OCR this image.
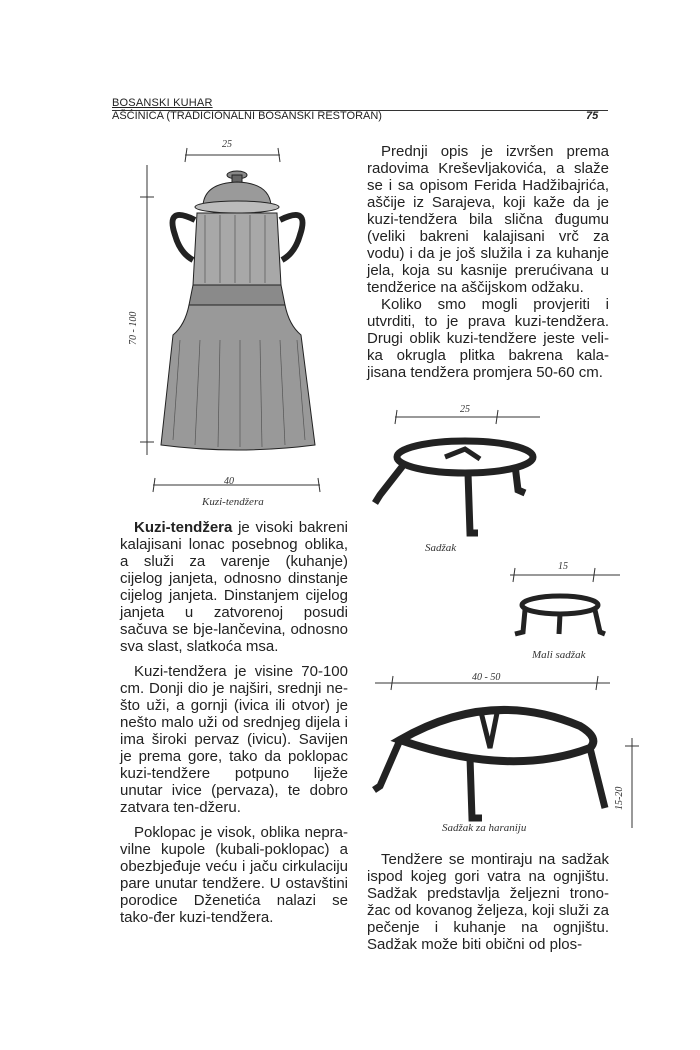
BOSANSKI KUHAR
AŠĆINICA (TRADICIONALNI BOSANSKI RESTORAN)	75
25
70 - 100
40
Kuzi-tendžera

Prednji opis je izvršen prema radovima Kreševljakovića, a slaže se i sa opisom Ferida Hadžibajrića, aščije iz Sarajeva, koji kaže da je kuzi-tendžera bila slična đugumu (veliki bakreni kalajisani vrč za vodu) i da je još služila i za kuhanje jela, koja su kasnije prerućivana u tendžerice na aščijskom odžaku.

Koliko smo mogli provjeriti i utvrditi, to je prava kuzi-tendžera. Drugi oblik kuzi-tendžere jeste veli-ka okrugla plitka bakrena kala-jisana tendžera promjera 50-60 cm.

25
Sadžak
15
Mali sadžak
40 - 50
15-20
Sadžak za haraniju

Kuzi-tendžera je visoki bakreni kalajisani lonac posebnog oblika, a služi za varenje (kuhanje) cijelog janjeta, odnosno dinstanje cijelog janjeta. Dinstanjem cijelog janjeta u zatvorenoj posudi sačuva se bje-lančevina, odnosno sva slast, slatkoća msa.

Kuzi-tendžera je visine 70-100 cm. Donji dio je najširi, srednji ne-što uži, a gornji (ivica ili otvor) je nešto malo uži od srednjeg dijela i ima široki pervaz (ivicu). Savijen je prema gore, tako da poklopac kuzi-tendžere potpuno liježe unutar ivice (pervaza), te dobro zatvara ten-džeru.

Poklopac je visok, oblika nepra-vilne kupole (kubali-poklopac) a obezbjeđuje veću i jaču cirkulaciju pare unutar tendžere. U ostavštini porodice Dženetića nalazi se tako-đer kuzi-tendžera.

Tendžere se montiraju na sadžak ispod kojeg gori vatra na ognjištu. Sadžak predstavlja željezni trono-žac od kovanog željeza, koji služi za pečenje i kuhanje na ognjištu. Sadžak može biti obični od plos-
